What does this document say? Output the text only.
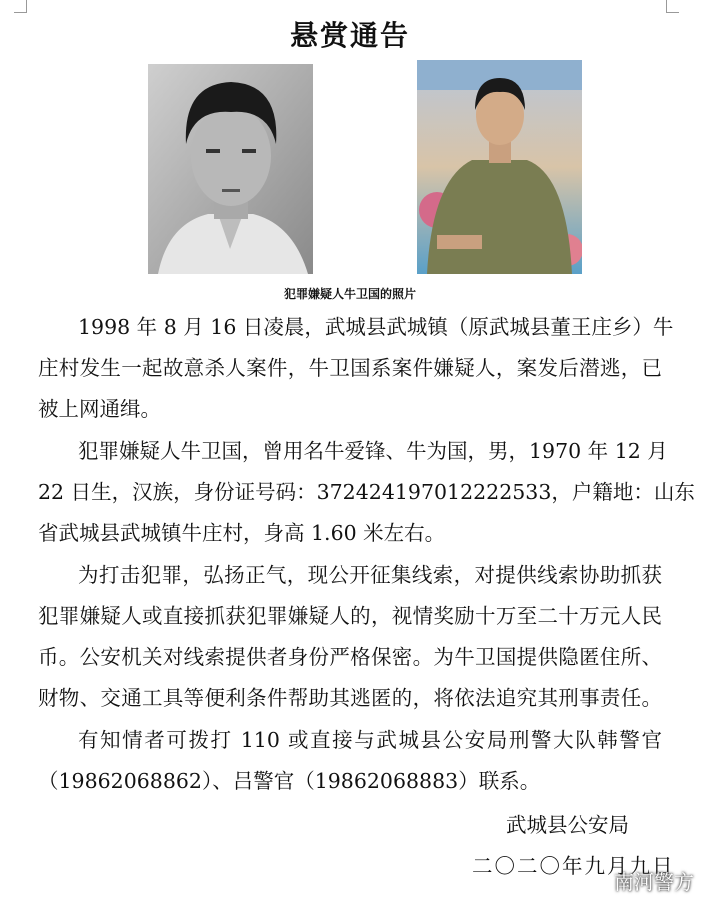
悬赏通告
犯罪嫌疑人牛卫国的照片
1998 年 8 月 16 日凌晨，武城县武城镇（原武城县董王庄乡）牛
庄村发生一起故意杀人案件，牛卫国系案件嫌疑人，案发后潜逃，已
被上网通缉。
犯罪嫌疑人牛卫国，曾用名牛爱锋、牛为国，男，1970 年 12 月
22 日生，汉族，身份证号码：372424197012222533，户籍地：山东
省武城县武城镇牛庄村，身高 1.60 米左右。
为打击犯罪，弘扬正气，现公开征集线索，对提供线索协助抓获
犯罪嫌疑人或直接抓获犯罪嫌疑人的，视情奖励十万至二十万元人民
币。公安机关对线索提供者身份严格保密。为牛卫国提供隐匿住所、
财物、交通工具等便利条件帮助其逃匿的，将依法追究其刑事责任。
有知情者可拨打 110 或直接与武城县公安局刑警大队韩警官
（19862068862）、吕警官（19862068883）联系。
武城县公安局
二〇二〇年九月九日
南河警方
